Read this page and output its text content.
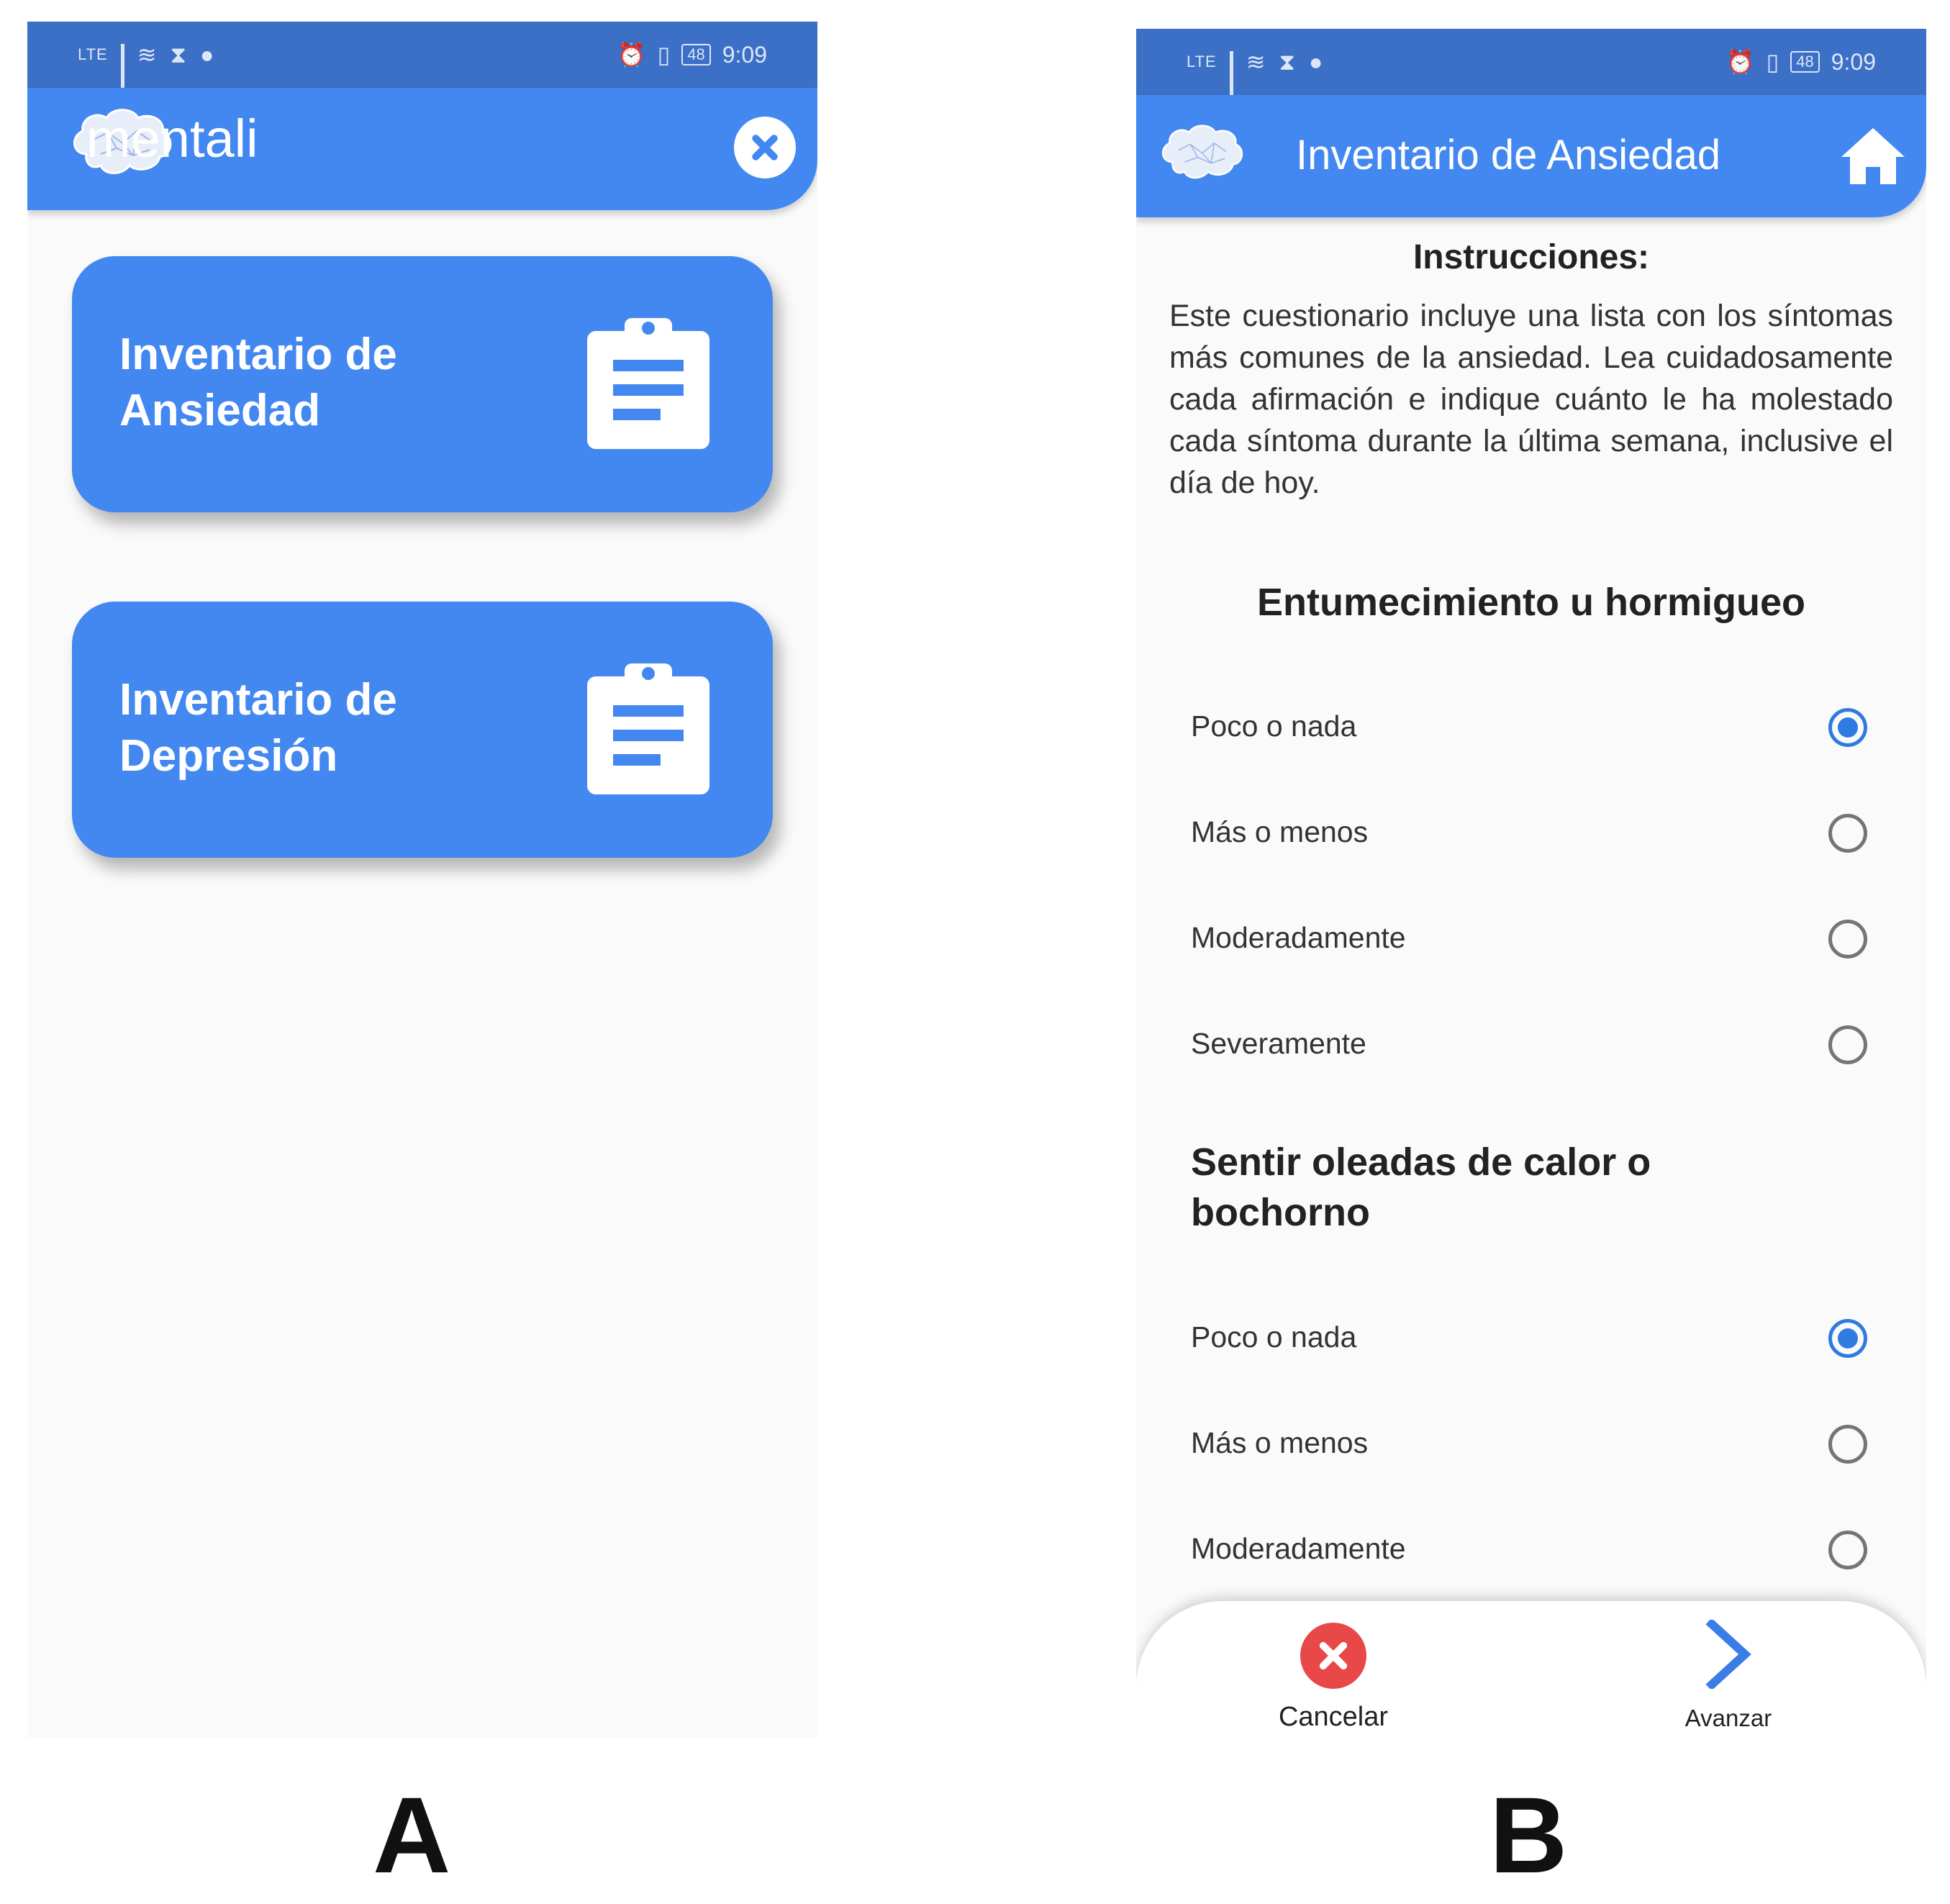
LTE ≋ ⧗ ●	⏰ ▯	48 9:09
mentali
Inventario de Ansiedad
Inventario de Depresión
LTE ≋ ⧗ ●	⏰ ▯	48 9:09
Inventario de Ansiedad
Instrucciones:
Este cuestionario incluye una lista con los síntomas más comunes de la ansiedad. Lea cuidadosamente cada afirmación e indique cuánto le ha molestado cada síntoma durante la última semana, inclusive el día de hoy.
Entumecimiento u hormigueo
Poco o nada
Más o menos
Moderadamente
Severamente
Sentir oleadas de calor o bochorno
Poco o nada
Más o menos
Moderadamente
Cancelar	Avanzar
A	B
